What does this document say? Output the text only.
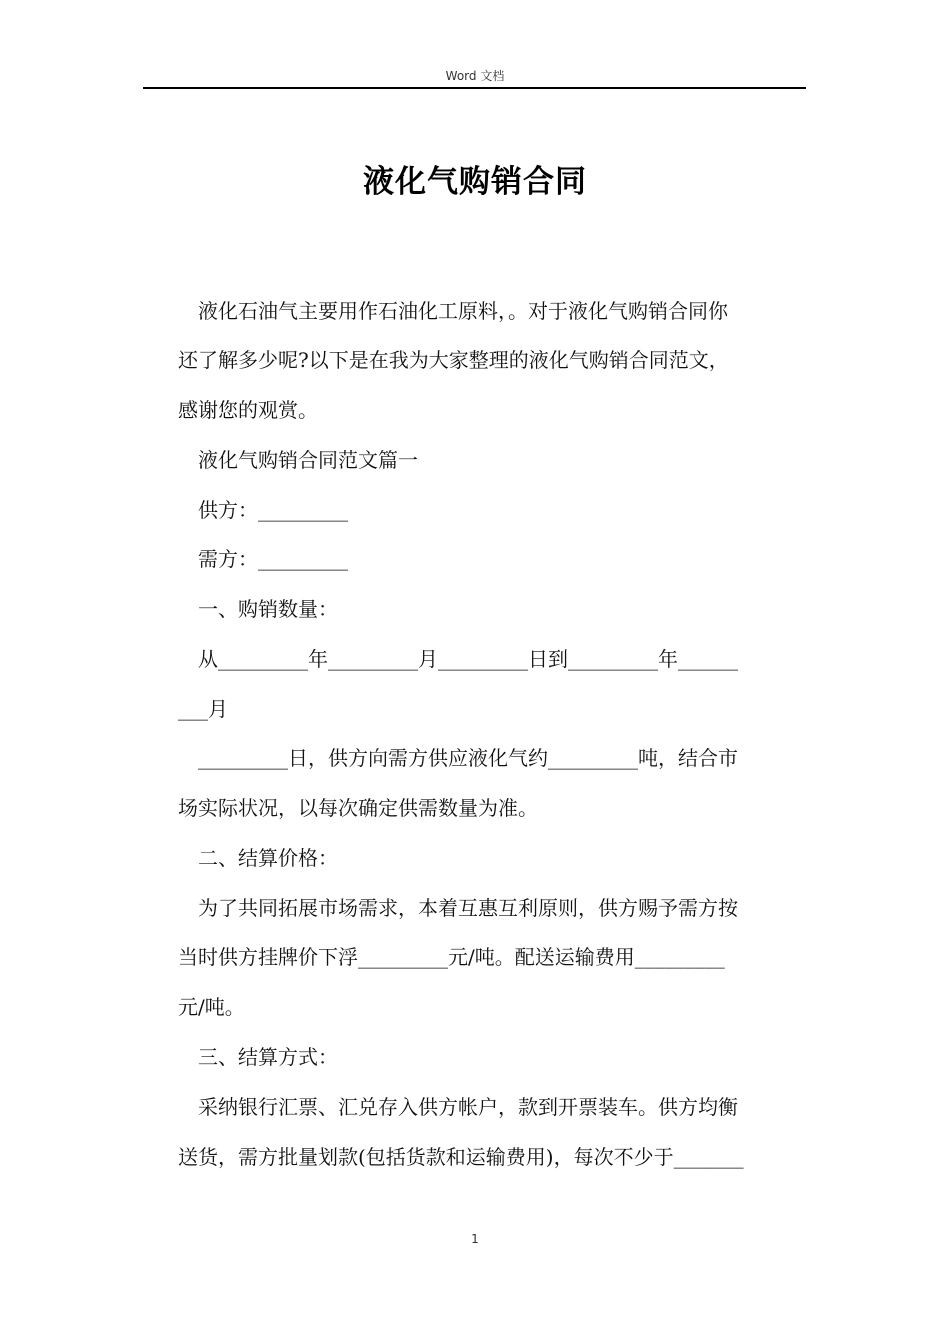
Word 文档
液化气购销合同
　液化石油气主要用作石油化工原料，。对于液化气购销合同你
还了解多少呢?以下是在我为大家整理的液化气购销合同范文，
感谢您的观赏。
　液化气购销合同范文篇一
　供方：_________
　需方：_________
　一、购销数量：
　从_________年_________月_________日到_________年______
___月
　_________日，供方向需方供应液化气约_________吨，结合市
场实际状况，以每次确定供需数量为准。
　二、结算价格：
　为了共同拓展市场需求，本着互惠互利原则，供方赐予需方按
当时供方挂牌价下浮_________元/吨。配送运输费用_________
元/吨。
　三、结算方式：
　采纳银行汇票、汇兑存入供方帐户，款到开票装车。供方均衡
送货，需方批量划款(包括货款和运输费用)，每次不少于_______
1
